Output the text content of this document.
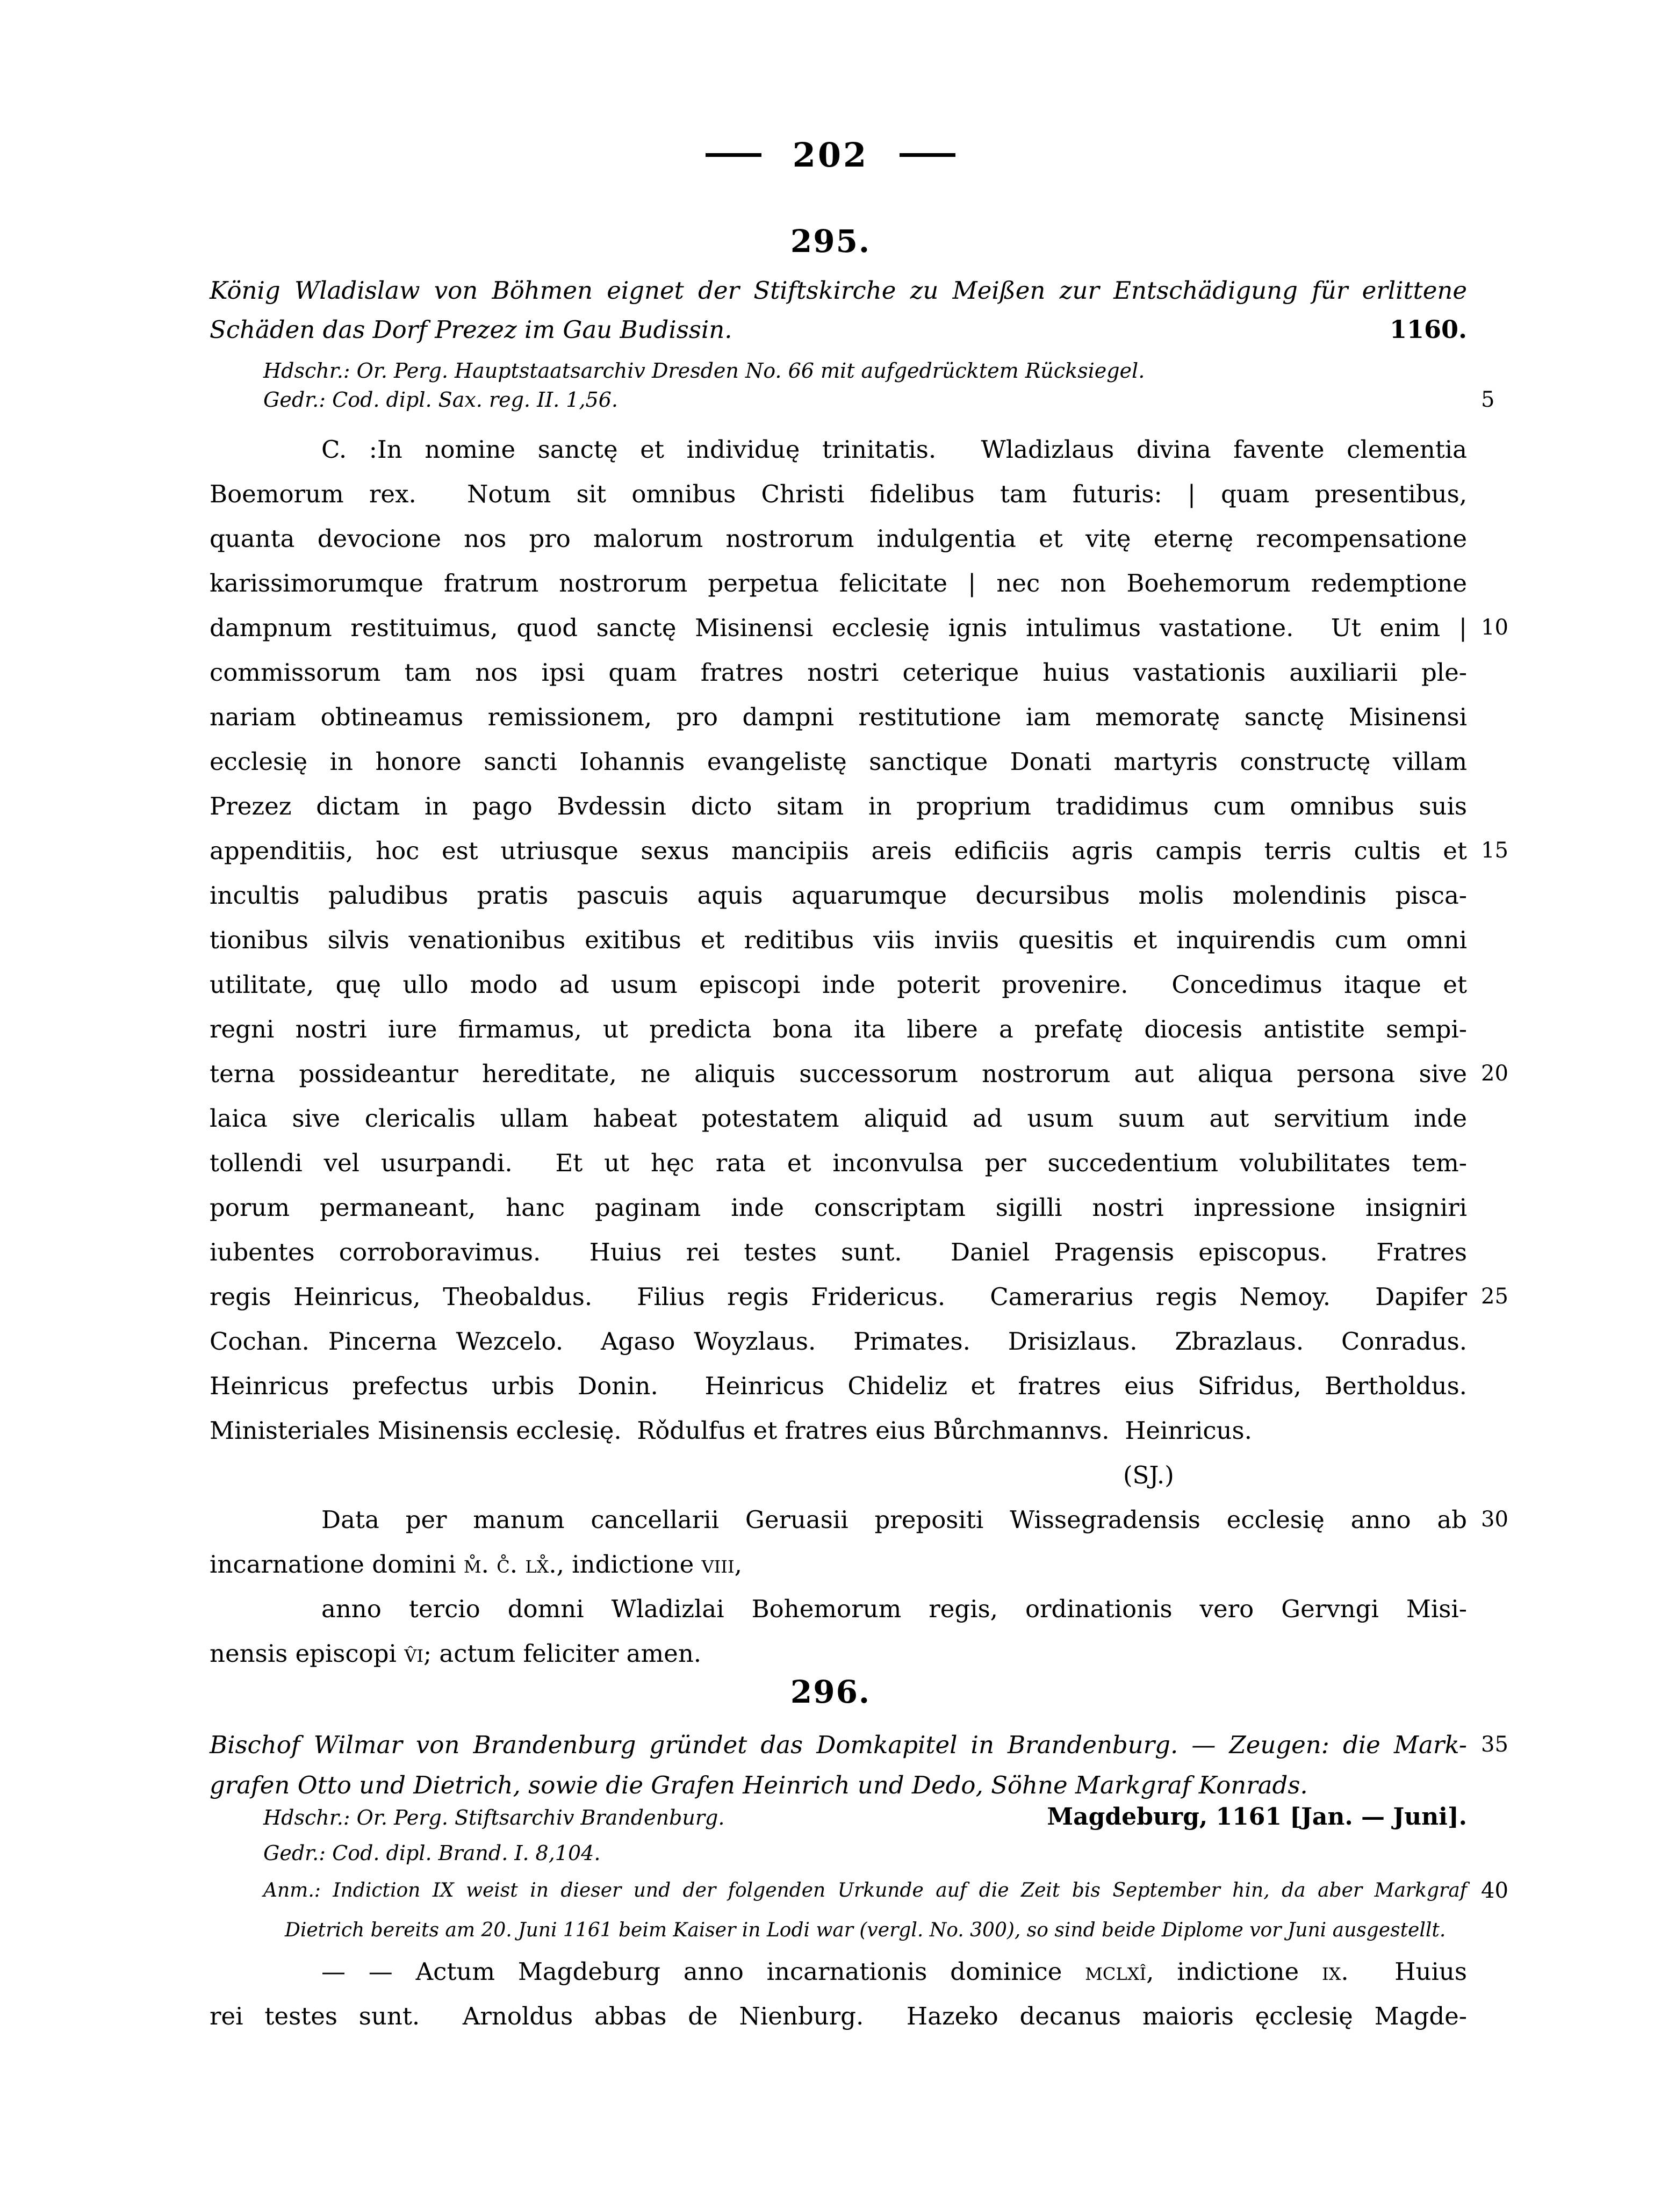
202
295.
König Wladislaw von Böhmen eignet der Stiftskirche zu Meißen zur Entschädigung für erlittene
Schäden das Dorf Prezez im Gau Budissin.	1160.
Hdschr.: Or. Perg. Hauptstaatsarchiv Dresden No. 66 mit aufgedrücktem Rücksiegel.
Gedr.: Cod. dipl. Sax. reg. II. 1,56.	5
C. :In nomine sanctę et individuę trinitatis.  Wladizlaus divina favente clementia
Boemorum rex.  Notum sit omnibus Christi fidelibus tam futuris: | quam presentibus,
quanta devocione nos pro malorum nostrorum indulgentia et vitę eternę recompensatione
karissimorumque fratrum nostrorum perpetua felicitate | nec non Boehemorum redemptione
dampnum restituimus, quod sanctę Misinensi ecclesię ignis intulimus vastatione.  Ut enim | 10
commissorum tam nos ipsi quam fratres nostri ceterique huius vastationis auxiliarii ple-
nariam obtineamus remissionem, pro dampni restitutione iam memoratę sanctę Misinensi
ecclesię in honore sancti Iohannis evangelistę sanctique Donati martyris constructę villam
Prezez dictam in pago Bvdessin dicto sitam in proprium tradidimus cum omnibus suis
appenditiis, hoc est utriusque sexus mancipiis areis edificiis agris campis terris cultis et 15
incultis paludibus pratis pascuis aquis aquarumque decursibus molis molendinis pisca-
tionibus silvis venationibus exitibus et reditibus viis inviis quesitis et inquirendis cum omni
utilitate, quę ullo modo ad usum episcopi inde poterit provenire.  Concedimus itaque et
regni nostri iure firmamus, ut predicta bona ita libere a prefatę diocesis antistite sempi-
terna possideantur hereditate, ne aliquis successorum nostrorum aut aliqua persona sive 20
laica sive clericalis ullam habeat potestatem aliquid ad usum suum aut servitium inde
tollendi vel usurpandi.  Et ut hęc rata et inconvulsa per succedentium volubilitates tem-
porum permaneant, hanc paginam inde conscriptam sigilli nostri inpressione insigniri
iubentes corroboravimus.  Huius rei testes sunt.  Daniel Pragensis episcopus.  Fratres
regis Heinricus, Theobaldus.  Filius regis Fridericus.  Camerarius regis Nemoy.  Dapifer 25
Cochan. Pincerna Wezcelo.  Agaso Woyzlaus.  Primates.  Drisizlaus.  Zbrazlaus.  Conradus.
Heinricus prefectus urbis Donin.  Heinricus Chideliz et fratres eius Sifridus, Bertholdus.
Ministeriales Misinensis ecclesię.  Rǒdulfus et fratres eius Bůrchmannvs.  Heinricus.
(SJ.)
Data per manum cancellarii Geruasii prepositi Wissegradensis ecclesię anno ab 30
incarnatione domini m̊. c̊. lx̊., indictione viii,
anno tercio domni Wladizlai Bohemorum regis, ordinationis vero Gervngi Misi-
nensis episcopi v̂i; actum feliciter amen.
296.
Bischof Wilmar von Brandenburg gründet das Domkapitel in Brandenburg. — Zeugen: die Mark- 35
grafen Otto und Dietrich, sowie die Grafen Heinrich und Dedo, Söhne Markgraf Konrads.
Hdschr.: Or. Perg. Stiftsarchiv Brandenburg.	Magdeburg, 1161 [Jan. — Juni].
Gedr.: Cod. dipl. Brand. I. 8,104.
Anm.: Indiction IX weist in dieser und der folgenden Urkunde auf die Zeit bis September hin, da aber Markgraf 40
Dietrich bereits am 20. Juni 1161 beim Kaiser in Lodi war (vergl. No. 300), so sind beide Diplome vor Juni ausgestellt.
— — Actum Magdeburg anno incarnationis dominice mclxî, indictione ix.  Huius
rei testes sunt.  Arnoldus abbas de Nienburg.  Hazeko decanus maioris ęcclesię Magde-
